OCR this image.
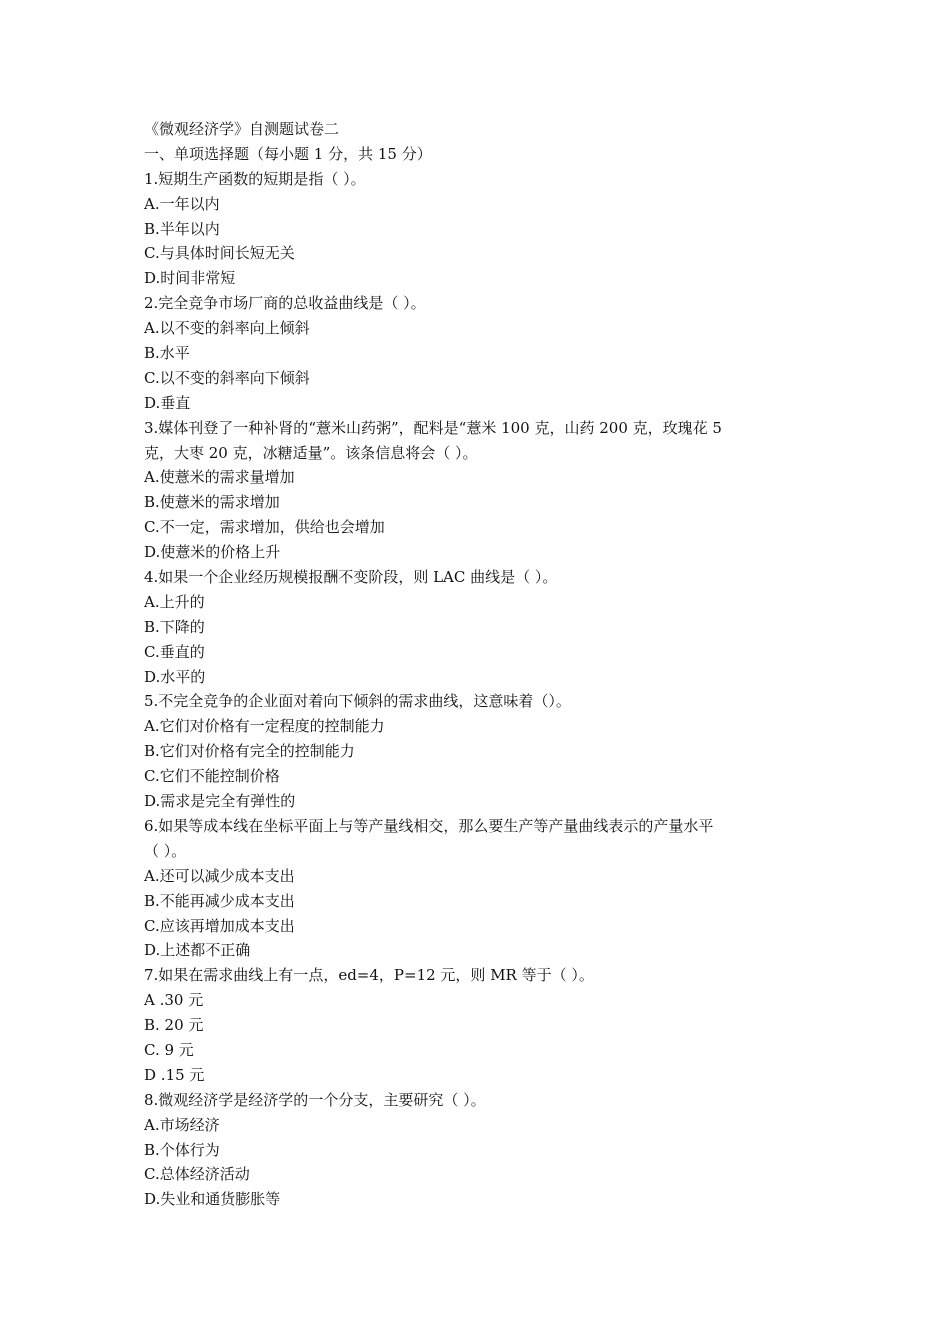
《微观经济学》自测题试卷二
一、单项选择题（每小题 1 分，共 15 分）
1.短期生产函数的短期是指（ ）。
A.一年以内
B.半年以内
C.与具体时间长短无关
D.时间非常短
2.完全竞争市场厂商的总收益曲线是（ ）。
A.以不变的斜率向上倾斜
B.水平
C.以不变的斜率向下倾斜
D.垂直
3.媒体刊登了一种补肾的“薏米山药粥”，配料是“薏米 100 克，山药 200 克，玫瑰花 5
克，大枣 20 克，冰糖适量”。该条信息将会（ ）。
A.使薏米的需求量增加
B.使薏米的需求增加
C.不一定，需求增加，供给也会增加
D.使薏米的价格上升
4.如果一个企业经历规模报酬不变阶段，则 LAC 曲线是（ ）。
A.上升的
B.下降的
C.垂直的
D.水平的
5.不完全竞争的企业面对着向下倾斜的需求曲线，这意味着（）。
A.它们对价格有一定程度的控制能力
B.它们对价格有完全的控制能力
C.它们不能控制价格
D.需求是完全有弹性的
6.如果等成本线在坐标平面上与等产量线相交，那么要生产等产量曲线表示的产量水平
（ ）。
A.还可以减少成本支出
B.不能再减少成本支出
C.应该再增加成本支出
D.上述都不正确
7.如果在需求曲线上有一点，ed=4，P=12 元，则 MR 等于（ ）。
A .30 元
B. 20 元
C. 9 元
D .15 元
8.微观经济学是经济学的一个分支，主要研究（ ）。
A.市场经济
B.个体行为
C.总体经济活动
D.失业和通货膨胀等
